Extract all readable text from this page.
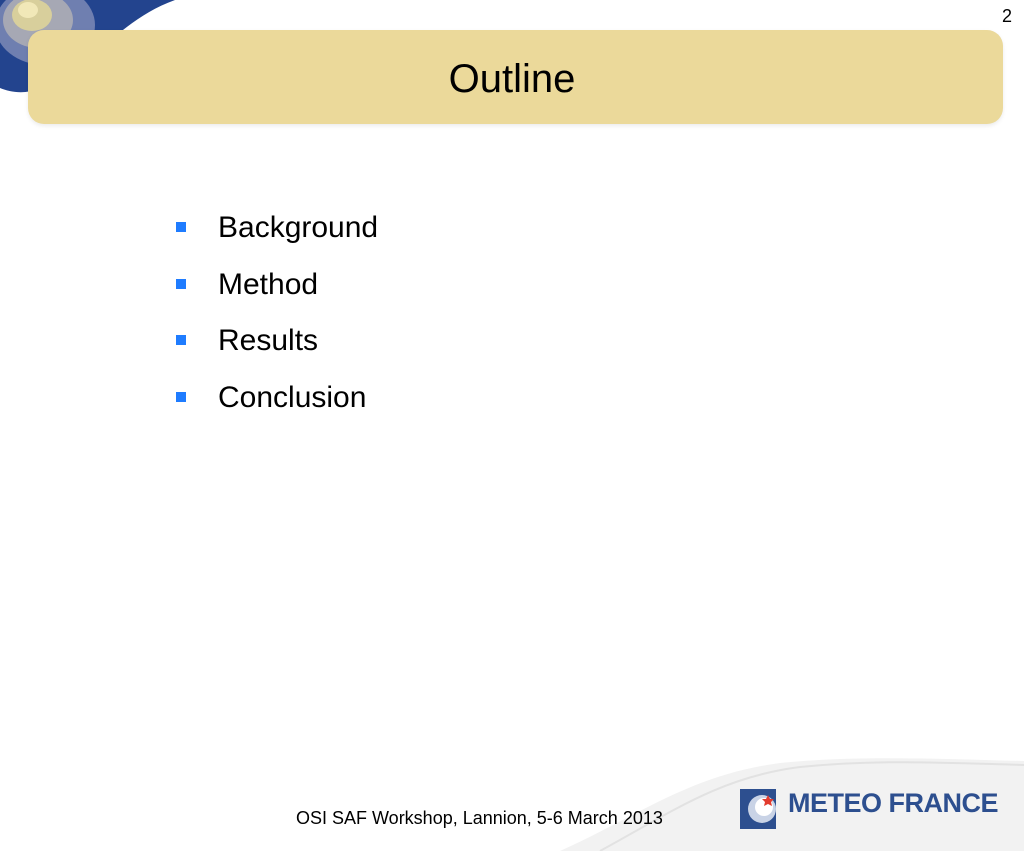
2
Outline
Background
Method
Results
Conclusion
OSI SAF Workshop, Lannion, 5-6 March 2013	METEO FRANCE
